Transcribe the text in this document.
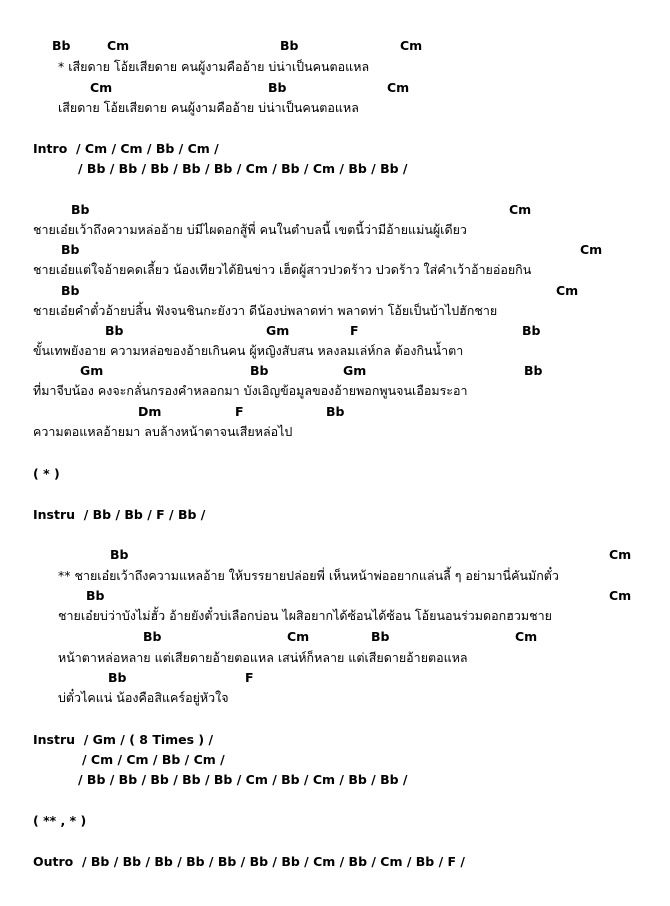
Bb

	Cm

	Bb

	Cm

* เสียดาย โอ้ยเสียดาย คนผู้งามคืออ้าย บ่น่าเป็นคนตอแหล

Cm

	Bb

	Cm

เสียดาย โอ้ยเสียดาย คนผู้งามคืออ้าย บ่น่าเป็นคนตอแหล
Intro  / Cm / Cm / Bb / Cm /
/ Bb / Bb / Bb / Bb / Bb / Cm / Bb / Cm / Bb / Bb /

Bb

	Cm

ชายเอ๋ยเว้าถึงความหล่ออ้าย บ่มีไผดอกสู้พี่ คนในตำบลนี้ เขตนี้ว่ามีอ้ายแม่นผู้เดียว

Bb

	Cm

ชายเอ๋ยแต่ใจอ้ายคดเลี้ยว น้องเทียวได้ยินข่าว เฮ็ดผู้สาวปวดร้าว ปวดร้าว ใส่คำเว้าอ้ายอ่อยกิน

Bb

	Cm

ชายเอ๋ยคำตั๋วอ้ายบ่สิ้น ฟังจนชินกะยังวา ดีน้องบ่พลาดท่า พลาดท่า โอ้ยเป็นบ้าไปฮักชาย

Bb

	Gm

	F

	Bb

ขั้นเทพยังอาย ความหล่อของอ้ายเกินคน ผู้หญิงสับสน หลงลมเล่ห์กล ต้องกินน้ำตา

Gm

	Bb

	Gm

	Bb

ที่มาจีบน้อง คงจะกลั่นกรองคำหลอกมา บังเอิญข้อมูลของอ้ายพอกพูนจนเอือมระอา

Dm

	F

	Bb

ความตอแหลอ้ายมา ลบล้างหน้าตาจนเสียหล่อไป
( * )
Instru  / Bb / Bb / F / Bb /

Bb

	Cm

** ชายเอ๋ยเว้าถึงความแหลอ้าย ให้บรรยายปล่อยพี่ เห็นหน้าพ่ออยากแล่นลี้ ๆ อย่ามานี่คันมักตั๋ว

Bb

	Cm

ชายเอ๋ยบ่ว่าบังไม่ฮั้ว อ้ายยังตั๋วบ่เลือกบ่อน ไผสิอยากได้ซ้อนได้ซ้อน โอ้ยนอนร่วมดอกฮวมชาย

Bb

	Cm

	Bb

	Cm

หน้าตาหล่อหลาย แต่เสียดายอ้ายตอแหล เสน่ห์ก็หลาย แต่เสียดายอ้ายตอแหล

Bb

	F

บ่ตั๋วไคแน่ น้องคือสิแคร์อยู่หัวใจ
Instru  / Gm / ( 8 Times ) /
/ Cm / Cm / Bb / Cm /
/ Bb / Bb / Bb / Bb / Bb / Cm / Bb / Cm / Bb / Bb /
( ** , * )
Outro  / Bb / Bb / Bb / Bb / Bb / Bb / Bb / Cm / Bb / Cm / Bb / F /
